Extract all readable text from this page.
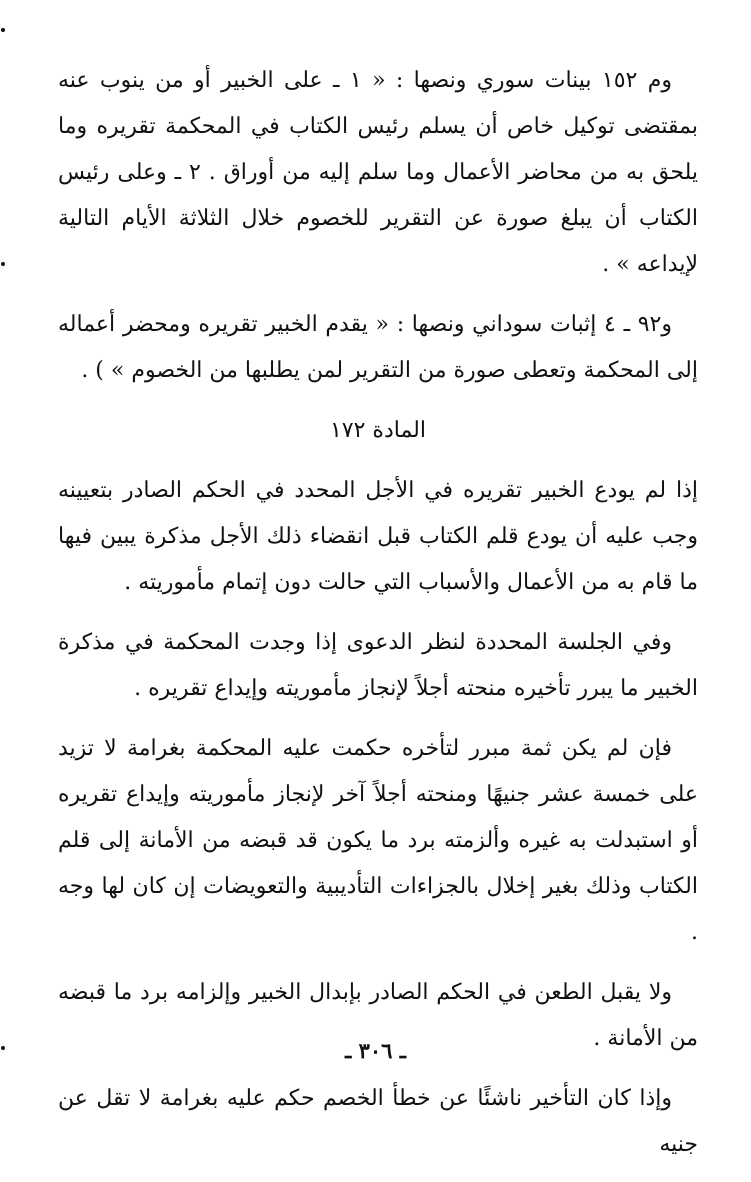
وم ١٥٢ بينات سوري ونصها : « ١ ـ على الخبير أو من ينوب عنه بمقتضى توكيل خاص أن يسلم رئيس الكتاب في المحكمة تقريره وما يلحق به من محاضر الأعمال وما سلم إليه من أوراق . ٢ ـ وعلى رئيس الكتاب أن يبلغ صورة عن التقرير للخصوم خلال الثلاثة الأيام التالية لإيداعه » .

و٩٢ ـ ٤ إثبات سوداني ونصها : « يقدم الخبير تقريره ومحضر أعماله إلى المحكمة وتعطى صورة من التقرير لمن يطلبها من الخصوم » ) .

المادة ١٧٢

إذا لم يودع الخبير تقريره في الأجل المحدد في الحكم الصادر بتعيينه وجب عليه أن يودع قلم الكتاب قبل انقضاء ذلك الأجل مذكرة يبين فيها ما قام به من الأعمال والأسباب التي حالت دون إتمام مأموريته .

وفي الجلسة المحددة لنظر الدعوى إذا وجدت المحكمة في مذكرة الخبير ما يبرر تأخيره منحته أجلاً لإنجاز مأموريته وإيداع تقريره .

فإن لم يكن ثمة مبرر لتأخره حكمت عليه المحكمة بغرامة لا تزيد على خمسة عشر جنيهًا ومنحته أجلاً آخر لإنجاز مأموريته وإيداع تقريره أو استبدلت به غيره وألزمته برد ما يكون قد قبضه من الأمانة إلى قلم الكتاب وذلك بغير إخلال بالجزاءات التأديبية والتعويضات إن كان لها وجه .

ولا يقبل الطعن في الحكم الصادر بإبدال الخبير وإلزامه برد ما قبضه من الأمانة .

وإذا كان التأخير ناشئًا عن خطأ الخصم حكم عليه بغرامة لا تقل عن جنيه

ـ ٣٠٦ ـ
